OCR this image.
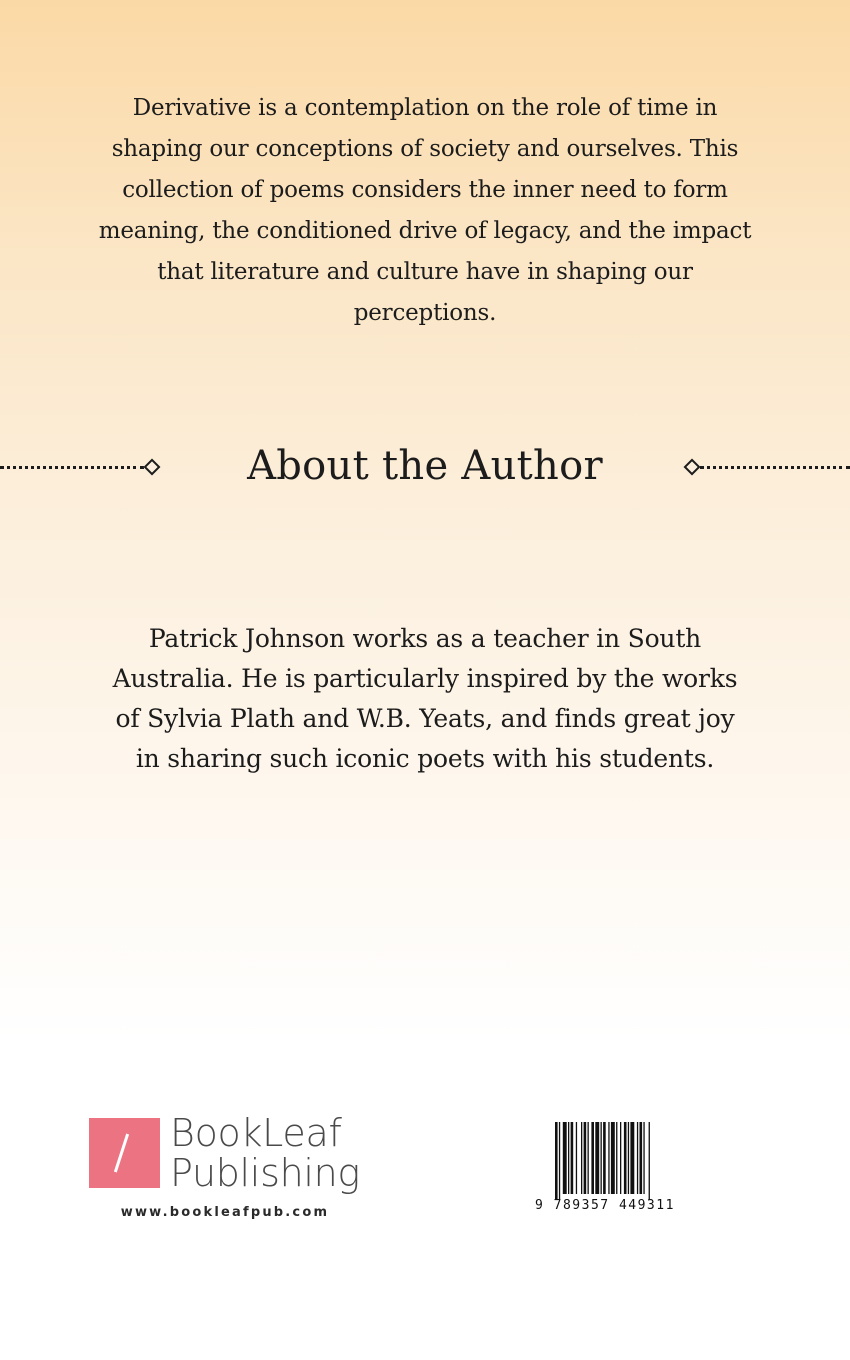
Derivative is a contemplation on the role of time in
shaping our conceptions of society and ourselves. This
collection of poems considers the inner need to form
meaning, the conditioned drive of legacy, and the impact
that literature and culture have in shaping our
perceptions.
About the Author
Patrick Johnson works as a teacher in South
Australia. He is particularly inspired by the works
of Sylvia Plath and W.B. Yeats, and finds great joy
in sharing such iconic poets with his students.
BookLeaf
Publishing
www.bookleafpub.com	9 789357 449311
